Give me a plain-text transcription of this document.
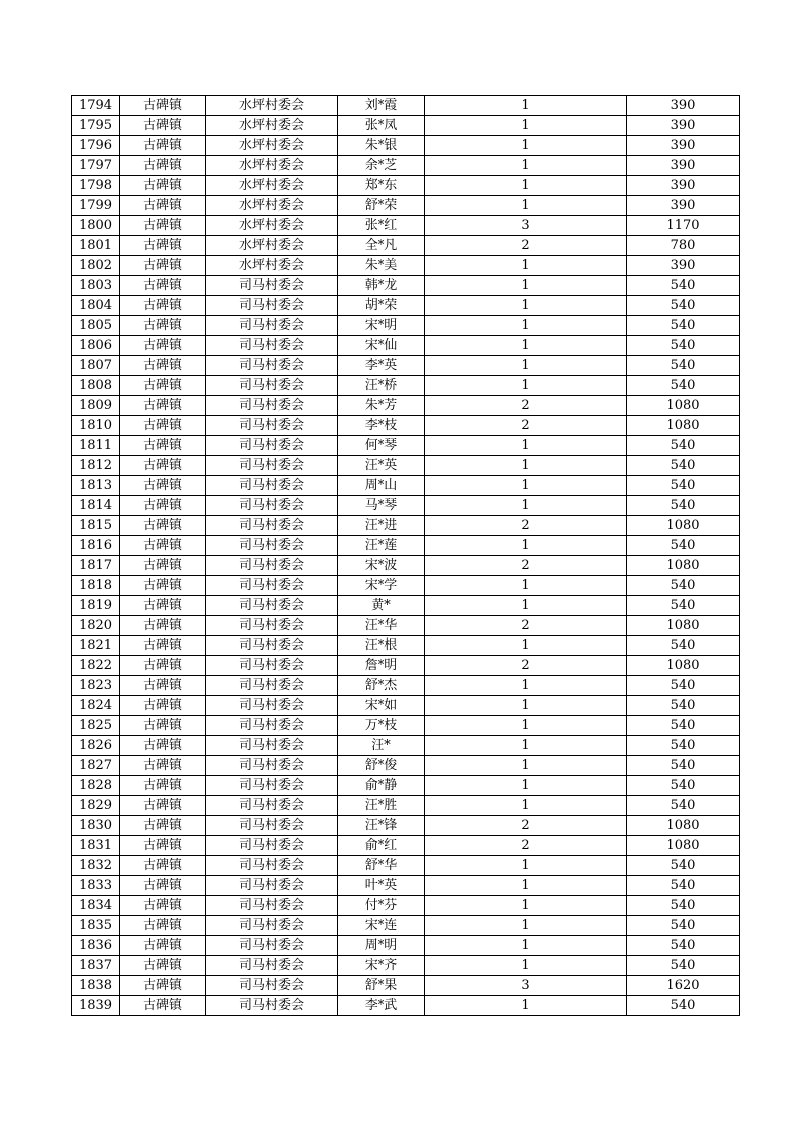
1794	古碑镇	水坪村委会	刘*霞	1	390
1795	古碑镇	水坪村委会	张*凤	1	390
1796	古碑镇	水坪村委会	朱*银	1	390
1797	古碑镇	水坪村委会	余*芝	1	390
1798	古碑镇	水坪村委会	郑*东	1	390
1799	古碑镇	水坪村委会	舒*荣	1	390
1800	古碑镇	水坪村委会	张*红	3	1170
1801	古碑镇	水坪村委会	全*凡	2	780
1802	古碑镇	水坪村委会	朱*美	1	390
1803	古碑镇	司马村委会	韩*龙	1	540
1804	古碑镇	司马村委会	胡*荣	1	540
1805	古碑镇	司马村委会	宋*明	1	540
1806	古碑镇	司马村委会	宋*仙	1	540
1807	古碑镇	司马村委会	李*英	1	540
1808	古碑镇	司马村委会	汪*桥	1	540
1809	古碑镇	司马村委会	朱*芳	2	1080
1810	古碑镇	司马村委会	李*枝	2	1080
1811	古碑镇	司马村委会	何*琴	1	540
1812	古碑镇	司马村委会	汪*英	1	540
1813	古碑镇	司马村委会	周*山	1	540
1814	古碑镇	司马村委会	马*琴	1	540
1815	古碑镇	司马村委会	汪*进	2	1080
1816	古碑镇	司马村委会	汪*莲	1	540
1817	古碑镇	司马村委会	宋*波	2	1080
1818	古碑镇	司马村委会	宋*学	1	540
1819	古碑镇	司马村委会	黄*	1	540
1820	古碑镇	司马村委会	汪*华	2	1080
1821	古碑镇	司马村委会	汪*根	1	540
1822	古碑镇	司马村委会	詹*明	2	1080
1823	古碑镇	司马村委会	舒*杰	1	540
1824	古碑镇	司马村委会	宋*如	1	540
1825	古碑镇	司马村委会	万*枝	1	540
1826	古碑镇	司马村委会	汪*	1	540
1827	古碑镇	司马村委会	舒*俊	1	540
1828	古碑镇	司马村委会	俞*静	1	540
1829	古碑镇	司马村委会	汪*胜	1	540
1830	古碑镇	司马村委会	汪*锋	2	1080
1831	古碑镇	司马村委会	俞*红	2	1080
1832	古碑镇	司马村委会	舒*华	1	540
1833	古碑镇	司马村委会	叶*英	1	540
1834	古碑镇	司马村委会	付*芬	1	540
1835	古碑镇	司马村委会	宋*连	1	540
1836	古碑镇	司马村委会	周*明	1	540
1837	古碑镇	司马村委会	宋*齐	1	540
1838	古碑镇	司马村委会	舒*果	3	1620
1839	古碑镇	司马村委会	李*武	1	540
